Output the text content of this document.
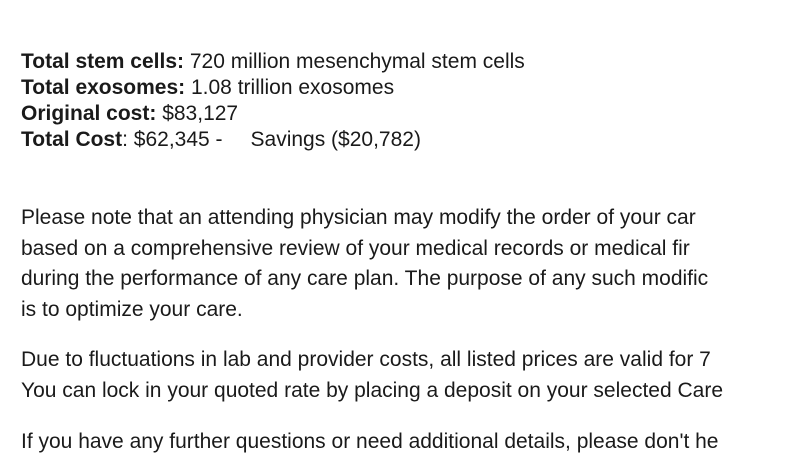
Total stem cells: 720 million mesenchymal stem cells
Total exosomes: 1.08 trillion exosomes
Original cost: $83,127
Total Cost: $62,345 - Savings ($20,782)

Please note that an attending physician may modify the order of your car
based on a comprehensive review of your medical records or medical fir
during the performance of any care plan. The purpose of any such modific
is to optimize your care.

Due to fluctuations in lab and provider costs, all listed prices are valid for 7
You can lock in your quoted rate by placing a deposit on your selected Care

If you have any further questions or need additional details, please don't he
